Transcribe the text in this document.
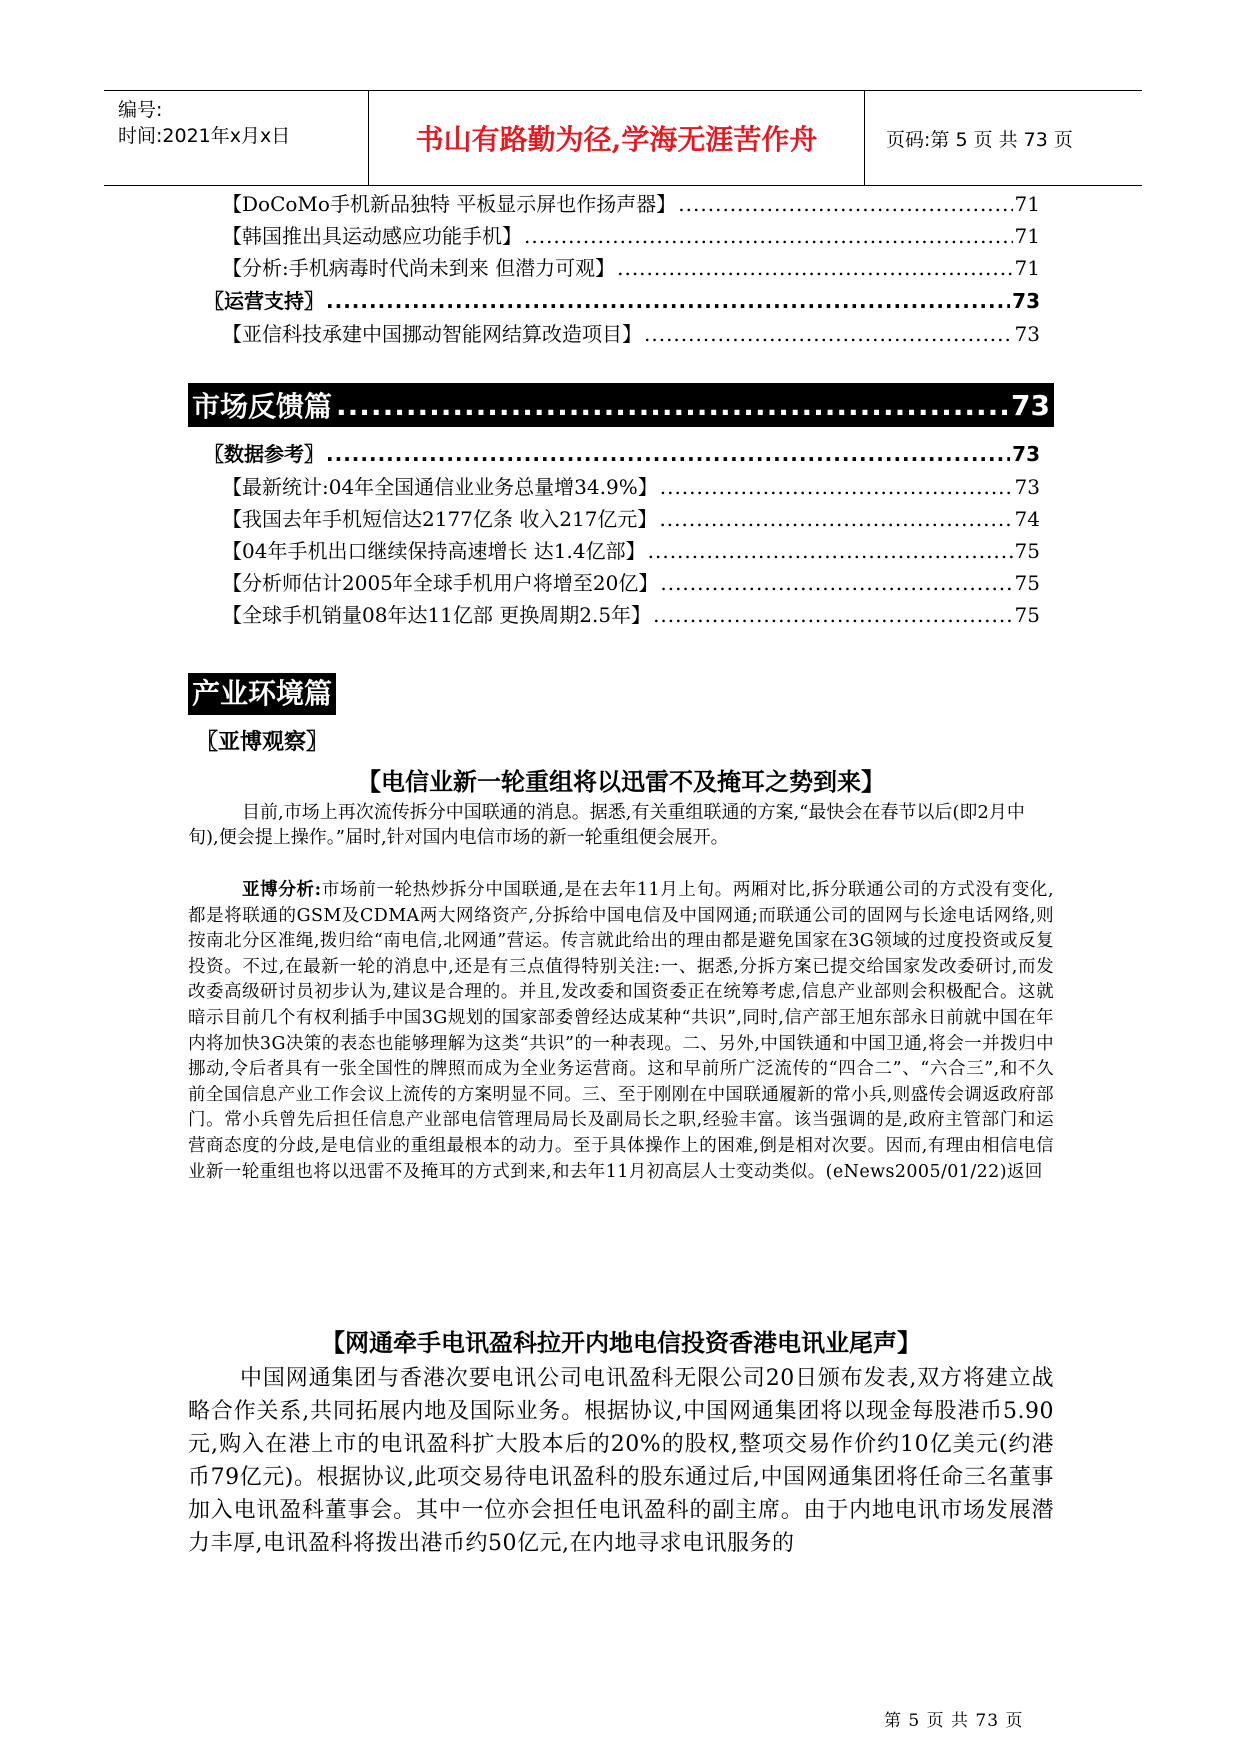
编号:
时间:2021年x月x日	书山有路勤为径,学海无涯苦作舟	页码:第 5 页 共 73 页
【DoCoMo手机新品独特 平板显示屏也作扬声器】 .....	71
【韩国推出具运动感应功能手机】 .....	71
【分析:手机病毒时代尚未到来 但潜力可观】 .....	71
〖运营支持〗 .....	73
【亚信科技承建中国挪动智能网结算改造项目】 .....	73
市场反馈篇 .....	73
〖数据参考〗 .....	73
【最新统计:04年全国通信业业务总量增34.9%】 .....	73
【我国去年手机短信达2177亿条 收入217亿元】 .....	74
【04年手机出口继续保持高速增长 达1.4亿部】 .....	75
【分析师估计2005年全球手机用户将增至20亿】 .....	75
【全球手机销量08年达11亿部 更换周期2.5年】 .....	75
产业环境篇
〖亚博观察〗
【电信业新一轮重组将以迅雷不及掩耳之势到来】

目前,市场上再次流传拆分中国联通的消息。据悉,有关重组联通的方案,“最快会在春节以后(即2月中旬),便会提上操作。”届时,针对国内电信市场的新一轮重组便会展开。

亚博分析:市场前一轮热炒拆分中国联通,是在去年11月上旬。两厢对比,拆分联通公司的方式没有变化,都是将联通的GSM及CDMA两大网络资产,分拆给中国电信及中国网通;而联通公司的固网与长途电话网络,则按南北分区准绳,拨归给“南电信,北网通”营运。传言就此给出的理由都是避免国家在3G领域的过度投资或反复投资。不过,在最新一轮的消息中,还是有三点值得特别关注:一、据悉,分拆方案已提交给国家发改委研讨,而发改委高级研讨员初步认为,建议是合理的。并且,发改委和国资委正在统筹考虑,信息产业部则会积极配合。这就暗示目前几个有权利插手中国3G规划的国家部委曾经达成某种“共识”,同时,信产部王旭东部永日前就中国在年内将加快3G决策的表态也能够理解为这类“共识”的一种表现。二、另外,中国铁通和中国卫通,将会一并拨归中挪动,令后者具有一张全国性的牌照而成为全业务运营商。这和早前所广泛流传的“四合二”、“六合三”,和不久前全国信息产业工作会议上流传的方案明显不同。三、至于刚刚在中国联通履新的常小兵,则盛传会调返政府部门。常小兵曾先后担任信息产业部电信管理局局长及副局长之职,经验丰富。该当强调的是,政府主管部门和运营商态度的分歧,是电信业的重组最根本的动力。至于具体操作上的困难,倒是相对次要。因而,有理由相信电信业新一轮重组也将以迅雷不及掩耳的方式到来,和去年11月初高层人士变动类似。(eNews2005/01/22)返回

【网通牵手电讯盈科拉开内地电信投资香港电讯业尾声】

中国网通集团与香港次要电讯公司电讯盈科无限公司20日颁布发表,双方将建立战略合作关系,共同拓展内地及国际业务。根据协议,中国网通集团将以现金每股港币5.90元,购入在港上市的电讯盈科扩大股本后的20%的股权,整项交易作价约10亿美元(约港币79亿元)。根据协议,此项交易待电讯盈科的股东通过后,中国网通集团将任命三名董事加入电讯盈科董事会。其中一位亦会担任电讯盈科的副主席。由于内地电讯市场发展潜力丰厚,电讯盈科将拨出港币约50亿元,在内地寻求电讯服务的

第 5 页 共 73 页
